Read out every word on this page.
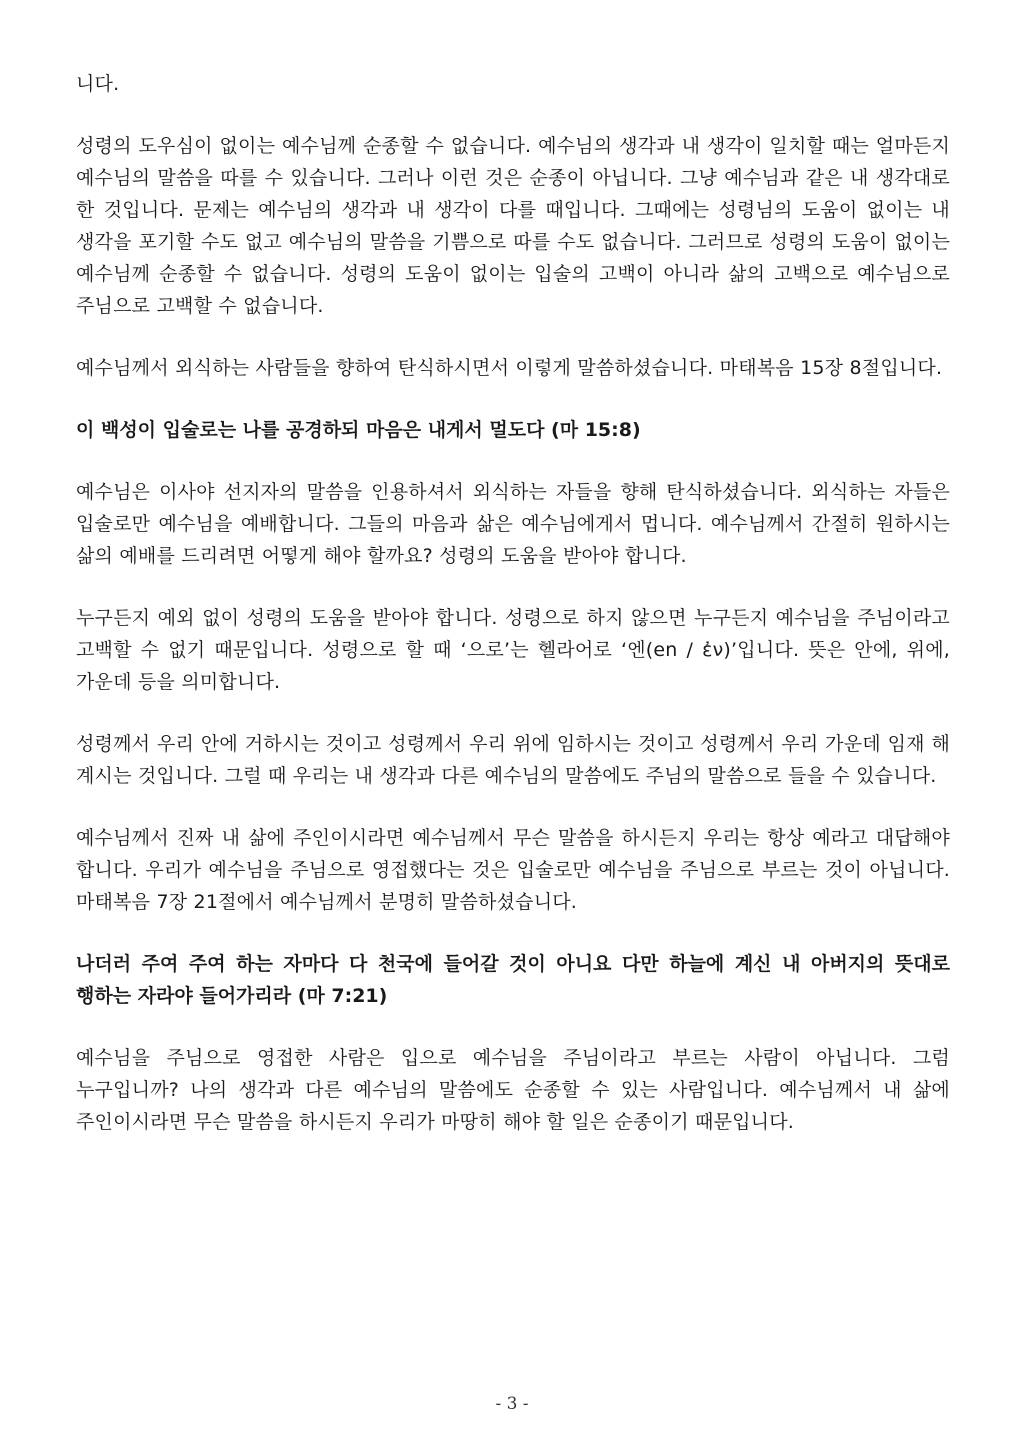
니다.

성령의 도우심이 없이는 예수님께 순종할 수 없습니다. 예수님의 생각과 내 생각이 일치할 때는 얼마든지 예수님의 말씀을 따를 수 있습니다. 그러나 이런 것은 순종이 아닙니다. 그냥 예수님과 같은 내 생각대로 한 것입니다. 문제는 예수님의 생각과 내 생각이 다를 때입니다. 그때에는 성령님의 도움이 없이는 내 생각을 포기할 수도 없고 예수님의 말씀을 기쁨으로 따를 수도 없습니다. 그러므로 성령의 도움이 없이는 예수님께 순종할 수 없습니다. 성령의 도움이 없이는 입술의 고백이 아니라 삶의 고백으로 예수님으로 주님으로 고백할 수 없습니다.

예수님께서 외식하는 사람들을 향하여 탄식하시면서 이렇게 말씀하셨습니다. 마태복음 15장 8절입니다.

이 백성이 입술로는 나를 공경하되 마음은 내게서 멀도다 (마 15:8)

예수님은 이사야 선지자의 말씀을 인용하셔서 외식하는 자들을 향해 탄식하셨습니다. 외식하는 자들은 입술로만 예수님을 예배합니다. 그들의 마음과 삶은 예수님에게서 멉니다. 예수님께서 간절히 원하시는 삶의 예배를 드리려면 어떻게 해야 할까요? 성령의 도움을 받아야 합니다.

누구든지 예외 없이 성령의 도움을 받아야 합니다. 성령으로 하지 않으면 누구든지 예수님을 주님이라고 고백할 수 없기 때문입니다. 성령으로 할 때 ‘으로’는 헬라어로 ‘엔(en / ἐν)’입니다. 뜻은 안에, 위에, 가운데 등을 의미합니다.

성령께서 우리 안에 거하시는 것이고 성령께서 우리 위에 임하시는 것이고 성령께서 우리 가운데 임재 해 계시는 것입니다. 그럴 때 우리는 내 생각과 다른 예수님의 말씀에도 주님의 말씀으로 들을 수 있습니다.

예수님께서 진짜 내 삶에 주인이시라면 예수님께서 무슨 말씀을 하시든지 우리는 항상 예라고 대답해야 합니다. 우리가 예수님을 주님으로 영접했다는 것은 입술로만 예수님을 주님으로 부르는 것이 아닙니다. 마태복음 7장 21절에서 예수님께서 분명히 말씀하셨습니다.

나더러 주여 주여 하는 자마다 다 천국에 들어갈 것이 아니요 다만 하늘에 계신 내 아버지의 뜻대로 행하는 자라야 들어가리라 (마 7:21)

예수님을 주님으로 영접한 사람은 입으로 예수님을 주님이라고 부르는 사람이 아닙니다. 그럼 누구입니까? 나의 생각과 다른 예수님의 말씀에도 순종할 수 있는 사람입니다. 예수님께서 내 삶에 주인이시라면 무슨 말씀을 하시든지 우리가 마땅히 해야 할 일은 순종이기 때문입니다.

- 3 -
